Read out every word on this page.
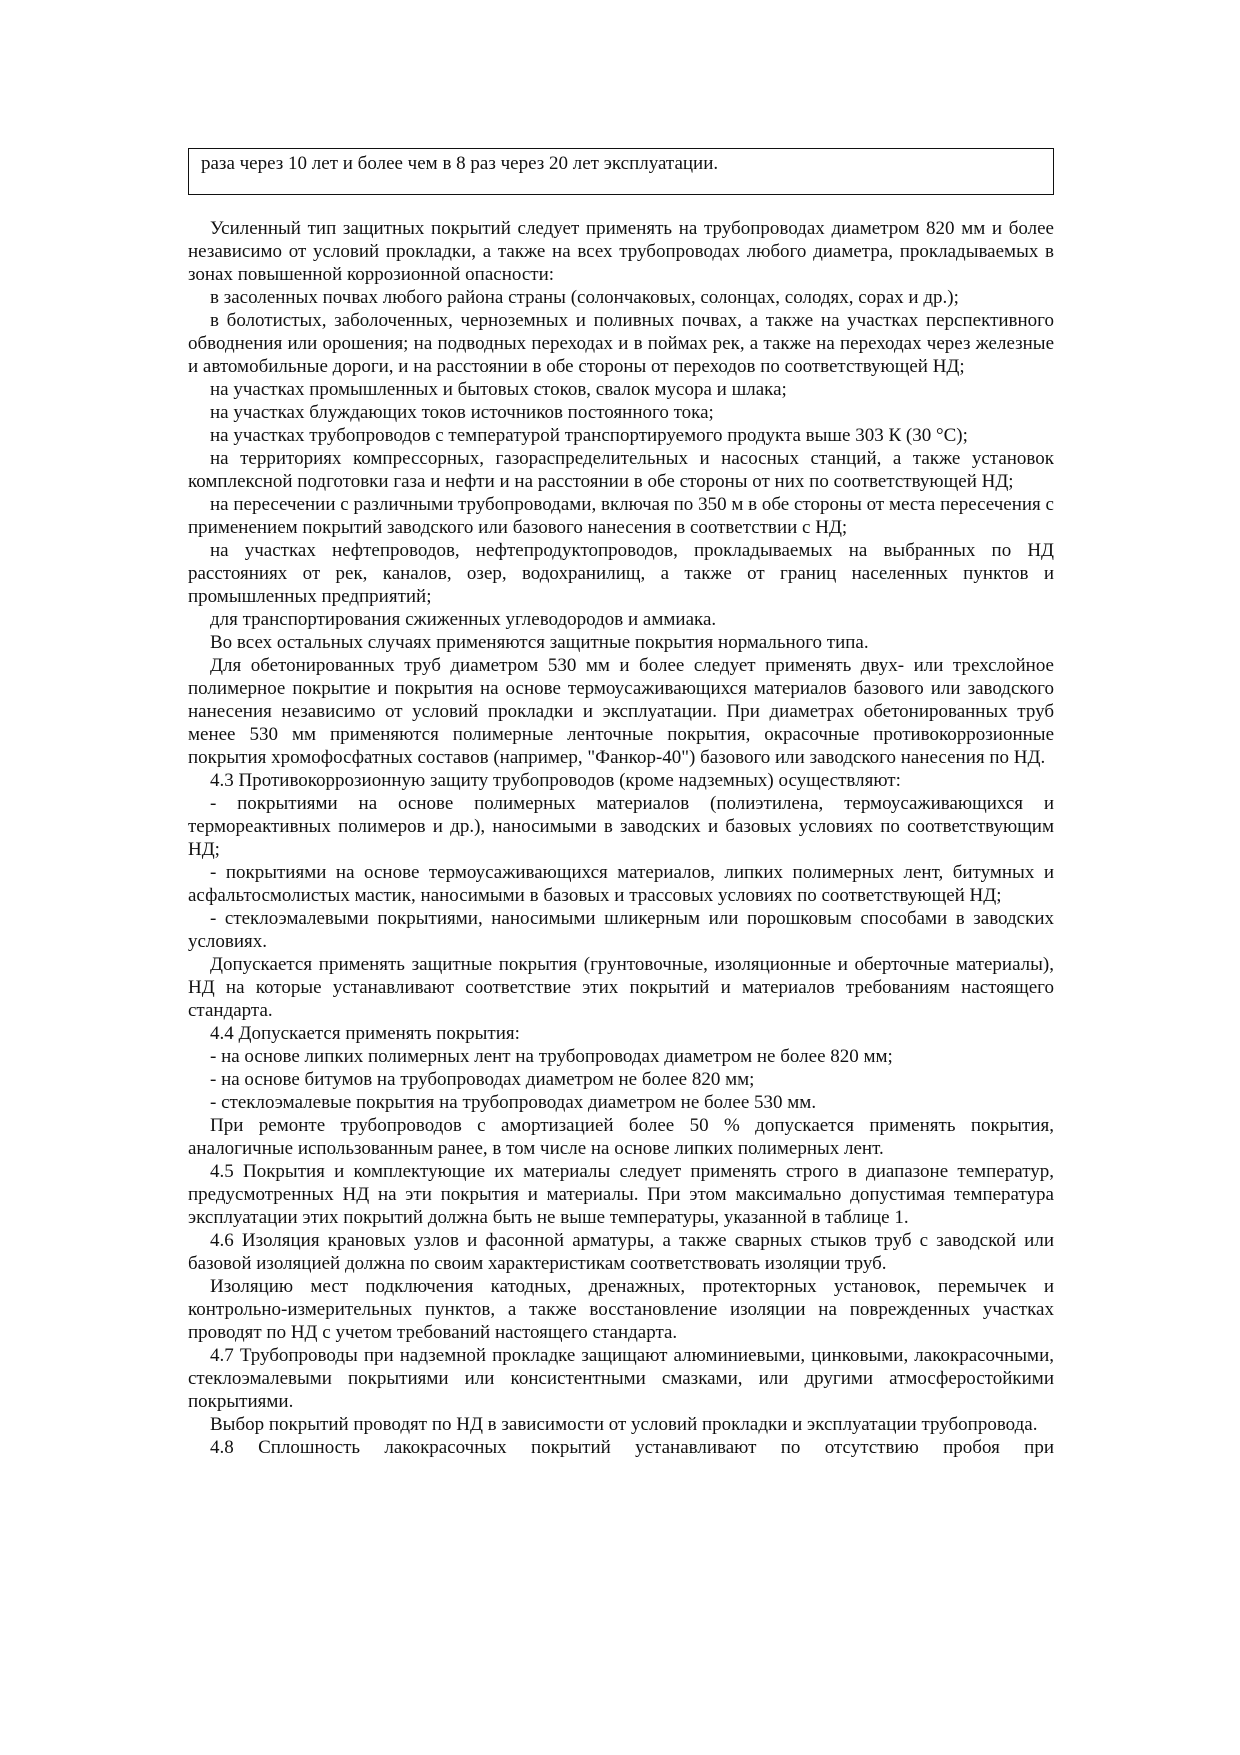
раза через 10 лет и более чем в 8 раз через 20 лет эксплуатации.

Усиленный тип защитных покрытий следует применять на трубопроводах диаметром 820 мм и более независимо от условий прокладки, а также на всех трубопроводах любого диаметра, прокладываемых в зонах повышенной коррозионной опасности:

в засоленных почвах любого района страны (солончаковых, солонцах, солодях, сорах и др.);

в болотистых, заболоченных, черноземных и поливных почвах, а также на участках перспективного обводнения или орошения; на подводных переходах и в поймах рек, а также на переходах через железные и автомобильные дороги, и на расстоянии в обе стороны от переходов по соответствующей НД;

на участках промышленных и бытовых стоков, свалок мусора и шлака;

на участках блуждающих токов источников постоянного тока;

на участках трубопроводов с температурой транспортируемого продукта выше 303 К (30 °С);

на территориях компрессорных, газораспределительных и насосных станций, а также установок комплексной подготовки газа и нефти и на расстоянии в обе стороны от них по соответствующей НД;

на пересечении с различными трубопроводами, включая по 350 м в обе стороны от места пересечения с применением покрытий заводского или базового нанесения в соответствии с НД;

на участках нефтепроводов, нефтепродуктопроводов, прокладываемых на выбранных по НД расстояниях от рек, каналов, озер, водохранилищ, а также от границ населенных пунктов и промышленных предприятий;

для транспортирования сжиженных углеводородов и аммиака.

Во всех остальных случаях применяются защитные покрытия нормального типа.

Для обетонированных труб диаметром 530 мм и более следует применять двух- или трехслойное полимерное покрытие и покрытия на основе термоусаживающихся материалов базового или заводского нанесения независимо от условий прокладки и эксплуатации. При диаметрах обетонированных труб менее 530 мм применяются полимерные ленточные покрытия, окрасочные противокоррозионные покрытия хромофосфатных составов (например, "Фанкор-40") базового или заводского нанесения по НД.

4.3 Противокоррозионную защиту трубопроводов (кроме надземных) осуществляют:

- покрытиями на основе полимерных материалов (полиэтилена, термоусаживающихся и термореактивных полимеров и др.), наносимыми в заводских и базовых условиях по соответствующим НД;

- покрытиями на основе термоусаживающихся материалов, липких полимерных лент, битумных и асфальтосмолистых мастик, наносимыми в базовых и трассовых условиях по соответствующей НД;

- стеклоэмалевыми покрытиями, наносимыми шликерным или порошковым способами в заводских условиях.

Допускается применять защитные покрытия (грунтовочные, изоляционные и оберточные материалы), НД на которые устанавливают соответствие этих покрытий и материалов требованиям настоящего стандарта.

4.4 Допускается применять покрытия:

- на основе липких полимерных лент на трубопроводах диаметром не более 820 мм;

- на основе битумов на трубопроводах диаметром не более 820 мм;

- стеклоэмалевые покрытия на трубопроводах диаметром не более 530 мм.

При ремонте трубопроводов с амортизацией более 50 % допускается применять покрытия, аналогичные использованным ранее, в том числе на основе липких полимерных лент.

4.5 Покрытия и комплектующие их материалы следует применять строго в диапазоне температур, предусмотренных НД на эти покрытия и материалы. При этом максимально допустимая температура эксплуатации этих покрытий должна быть не выше температуры, указанной в таблице 1.

4.6 Изоляция крановых узлов и фасонной арматуры, а также сварных стыков труб с заводской или базовой изоляцией должна по своим характеристикам соответствовать изоляции труб.

Изоляцию мест подключения катодных, дренажных, протекторных установок, перемычек и контрольно-измерительных пунктов, а также восстановление изоляции на поврежденных участках проводят по НД с учетом требований настоящего стандарта.

4.7 Трубопроводы при надземной прокладке защищают алюминиевыми, цинковыми, лакокрасочными, стеклоэмалевыми покрытиями или консистентными смазками, или другими атмосферостойкими покрытиями.

Выбор покрытий проводят по НД в зависимости от условий прокладки и эксплуатации трубопровода.

4.8 Сплошность лакокрасочных покрытий устанавливают по отсутствию пробоя при
